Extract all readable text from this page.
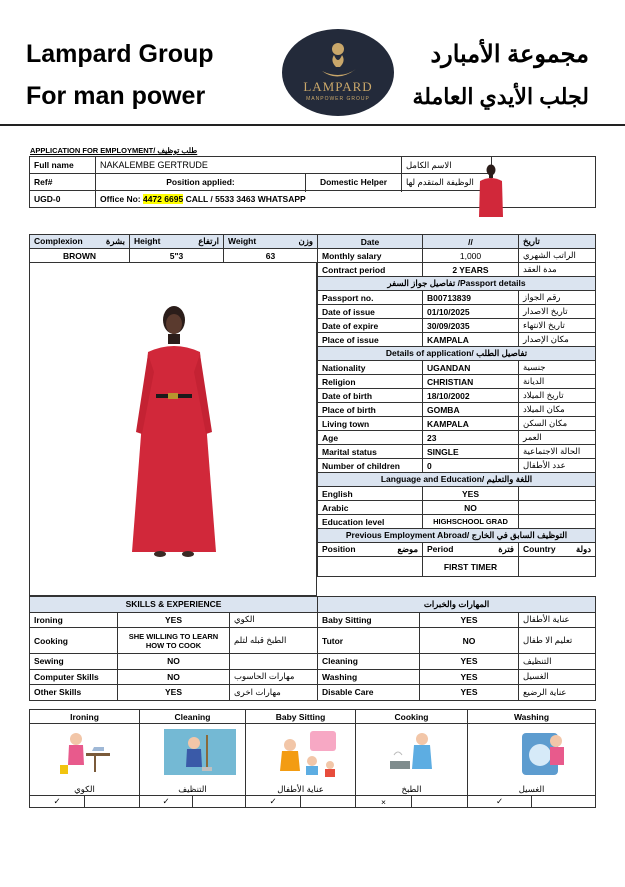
Lampard Group
For man power	LAMPARD
MANPOWER GROUP
مجموعة الأمبارد
لجلب الأيدي العاملة
APPLICATION FOR EMPLOYMENT/ طلب توظيف
Full name	NAKALEMBE GERTRUDE		الاسم الكامل	
Ref#	Position applied:	Domestic Helper	الوظيفة المتقدم لها	
UGD-0				
	Office No: 4472 6695 CALL / 5533 3463 WHATSAPP			
Complexion بشرة	Height ارتفاع	Weight وزن

BROWN	5"3	63
Date	//	تاريخ
Monthly salary	1,000	الراتب الشهري
Contract period	2 YEARS	مدة العقد
تفاصيل جواز السفر /Passport details		
Passport no.	B00713839	رقم الجواز
Date of issue	01/10/2025	تاريخ الاصدار
Date of expire	30/09/2035	تاريخ الانتهاء
Place of issue	KAMPALA	مكان الإصدار
Details of application/ تفاصيل الطلب		
Nationality	UGANDAN	جنسية
Religion	CHRISTIAN	الديانة
Date of birth	18/10/2002	تاريخ الميلاد
Place of birth	GOMBA	مكان الميلاد
Living town	KAMPALA	مكان السكن
Age	23	العمر
Marital status	SINGLE	الحالة الاجتماعية
Number of children	0	عدد الأطفال
Language and Education/ اللغة والتعليم		
English	YES	
Arabic	NO	
Education level	HIGHSCHOOL GRAD	
Previous Employment Abroad/ التوظيف السابق في الخارج		
Position موضع	Period فترة	Country دولة

	FIRST TIMER	
SKILLS & EXPERIENCE			المهارات والخبرات		
Ironing	YES	الكوي	Baby Sitting	YES	عناية الأطفال
Cooking	SHE WILLING TO LEARN HOW TO COOK	الطبخ قبله لتلم	Tutor	NO	تعليم الا طفال
Sewing	NO		Cleaning	YES	التنظيف
Computer Skills	NO	مهارات الحاسوب	Washing	YES	الغسيل
Other Skills	YES	مهارات اخرى	Disable Care	YES	عناية الرضيع
Ironing		Cleaning		Baby Sitting		Cooking		Washing	

الكوي		التنظيف		عناية الأطفال		الطبخ		الغسيل	
✓		✓		✓		×		✓	
